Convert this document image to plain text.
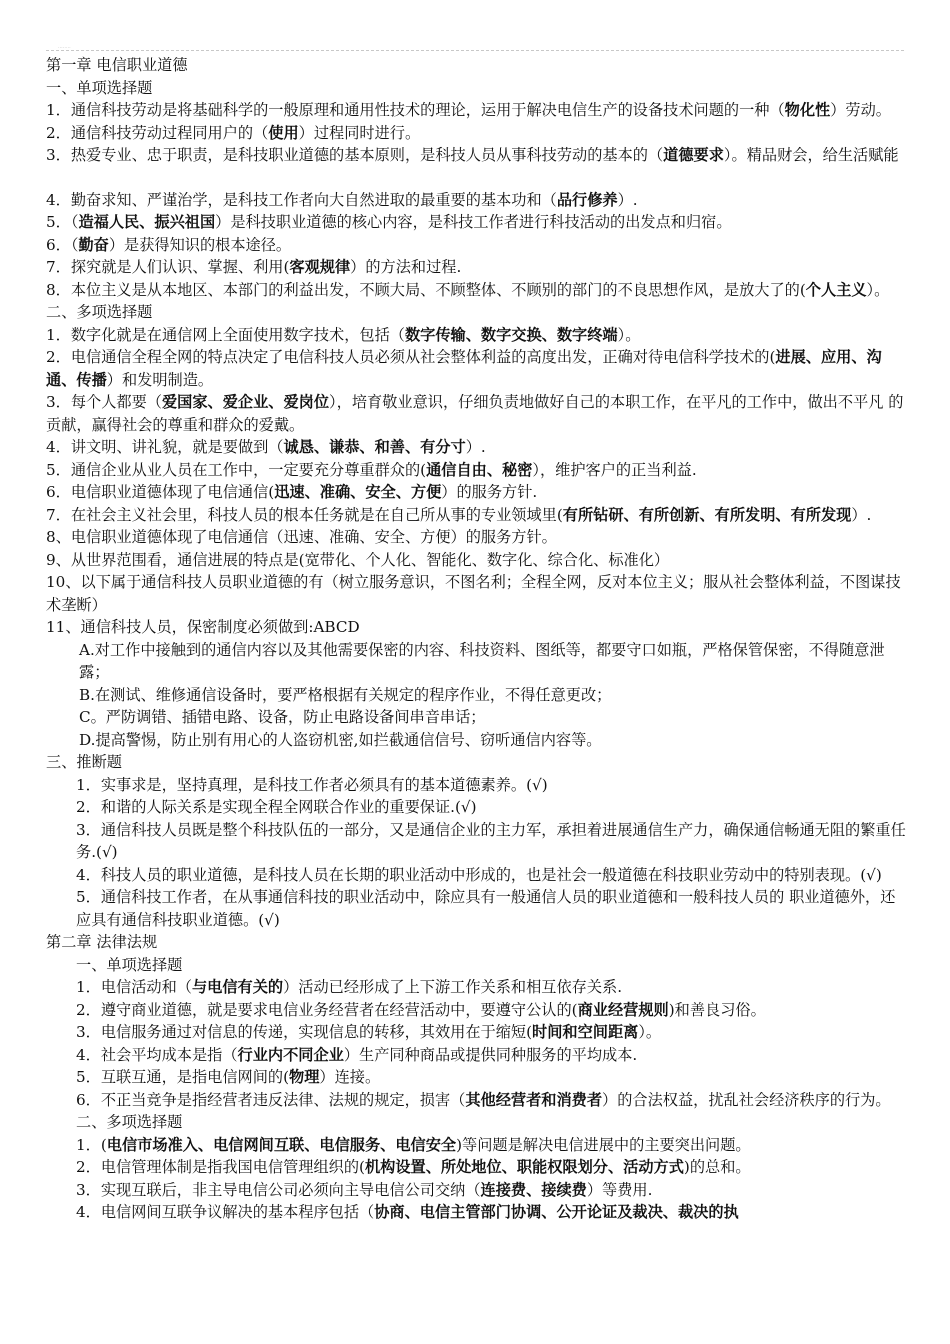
........
第一章 电信职业道德
一、单项选择题
1．通信科技劳动是将基础科学的一般原理和通用性技术的理论，运用于解决电信生产的设备技术问题的一种（物化性）劳动。
2．通信科技劳动过程同用户的（使用）过程同时进行。
3．热爱专业、忠于职责，是科技职业道德的基本原则，是科技人员从事科技劳动的基本的（道德要求）。精品财会，给生活赋能
4．勤奋求知、严谨治学，是科技工作者向大自然进取的最重要的基本功和（品行修养）.
5．（造福人民、振兴祖国）是科技职业道德的核心内容，是科技工作者进行科技活动的出发点和归宿。
6．（勤奋）是获得知识的根本途径。
7．探究就是人们认识、掌握、利用(客观规律）的方法和过程.
8．本位主义是从本地区、本部门的利益出发，不顾大局、不顾整体、不顾别的部门的不良思想作风，是放大了的(个人主义）。
二、多项选择题
1．数字化就是在通信网上全面使用数字技术，包括（数字传输、数字交换、数字终端）。
2．电信通信全程全网的特点决定了电信科技人员必须从社会整体利益的高度出发，正确对待电信科学技术的(进展、应用、沟通、传播）和发明制造。
3．每个人都要（爱国家、爱企业、爱岗位），培育敬业意识，仔细负责地做好自己的本职工作，在平凡的工作中，做出不平凡 的贡献，赢得社会的尊重和群众的爱戴。
4．讲文明、讲礼貌，就是要做到（诚恳、谦恭、和善、有分寸）.
5．通信企业从业人员在工作中，一定要充分尊重群众的(通信自由、秘密），维护客户的正当利益.
6．电信职业道德体现了电信通信(迅速、准确、安全、方便）的服务方针.
7．在社会主义社会里，科技人员的根本任务就是在自己所从事的专业领域里(有所钻研、有所创新、有所发明、有所发现）.
8、电信职业道德体现了电信通信（迅速、准确、安全、方便）的服务方针。
9、从世界范围看，通信进展的特点是(宽带化、个人化、智能化、数字化、综合化、标准化）
10、以下属于通信科技人员职业道德的有（树立服务意识，不图名利；全程全网，反对本位主义；服从社会整体利益，不图谋技术垄断）
11、通信科技人员，保密制度必须做到:ABCD
A.对工作中接触到的通信内容以及其他需要保密的内容、科技资料、图纸等，都要守口如瓶，严格保管保密，不得随意泄露；
B.在测试、维修通信设备时，要严格根据有关规定的程序作业，不得任意更改；
C。严防调错、插错电路、设备，防止电路设备间串音串话；
D.提高警惕，防止别有用心的人盗窃机密,如拦截通信信号、窃听通信内容等。
三、推断题
1．实事求是，坚持真理，是科技工作者必须具有的基本道德素养。(√)
2．和谐的人际关系是实现全程全网联合作业的重要保证.(√)
3．通信科技人员既是整个科技队伍的一部分，又是通信企业的主力军，承担着进展通信生产力，确保通信畅通无阻的繁重任务.(√)
4．科技人员的职业道德，是科技人员在长期的职业活动中形成的，也是社会一般道德在科技职业劳动中的特别表现。(√)
5．通信科技工作者，在从事通信科技的职业活动中，除应具有一般通信人员的职业道德和一般科技人员的 职业道德外，还应具有通信科技职业道德。(√)
第二章 法律法规
一、单项选择题
1．电信活动和（与电信有关的）活动已经形成了上下游工作关系和相互依存关系.
2．遵守商业道德，就是要求电信业务经营者在经营活动中，要遵守公认的(商业经营规则)和善良习俗。
3．电信服务通过对信息的传递，实现信息的转移，其效用在于缩短(时间和空间距离）。
4．社会平均成本是指（行业内不同企业）生产同种商品或提供同种服务的平均成本.
5．互联互通，是指电信网间的(物理）连接。
6．不正当竞争是指经营者违反法律、法规的规定，损害（其他经营者和消费者）的合法权益，扰乱社会经济秩序的行为。
二、多项选择题
1．(电信市场准入、电信网间互联、电信服务、电信安全)等问题是解决电信进展中的主要突出问题。
2．电信管理体制是指我国电信管理组织的(机构设置、所处地位、职能权限划分、活动方式)的总和。
3．实现互联后，非主导电信公司必须向主导电信公司交纳（连接费、接续费）等费用.
4．电信网间互联争议解决的基本程序包括（协商、电信主管部门协调、公开论证及裁决、裁决的执
